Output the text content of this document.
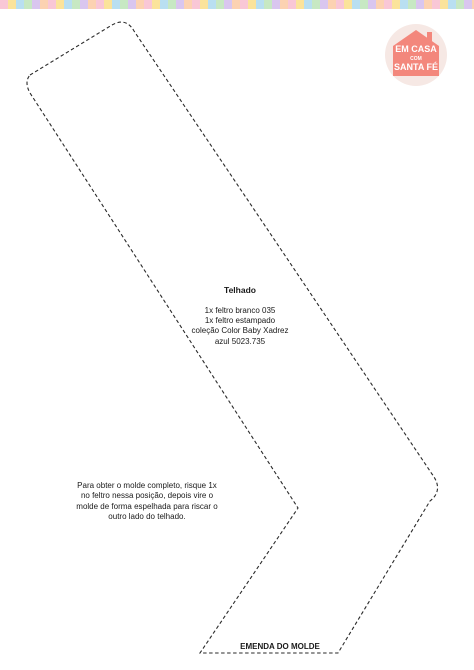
EM CASA
COM
SANTA FÉ
Telhado
1x feltro branco 035
1x feltro estampado
coleção Color Baby Xadrez
azul 5023.735
Para obter o molde completo, risque 1x
no feltro nessa posição, depois vire o
molde de forma espelhada para riscar o
outro lado do telhado.
EMENDA DO MOLDE
